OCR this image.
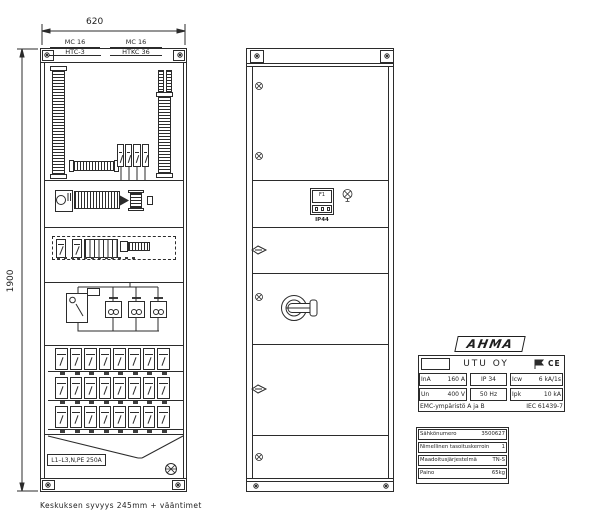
MC 16
HTC-3
MC 16
HTKC 36
L1–L3,N,PE 250A
620
1900
Keskuksen syvyys 245mm + vääntimet
F1
IP44
AHMA
UTU OY	CE
InA	160 A	IP 34	Icw	6 kA/1s
Un	400 V	50 Hz	Ipk	10 kA
EMC-ympäristö A ja B	IEC 61439-7
Sähkönumero	3500627
Nimellinen tasoituskerroin	1
Maadoitusjärjestelmä	TN-S
Paino	65kg
